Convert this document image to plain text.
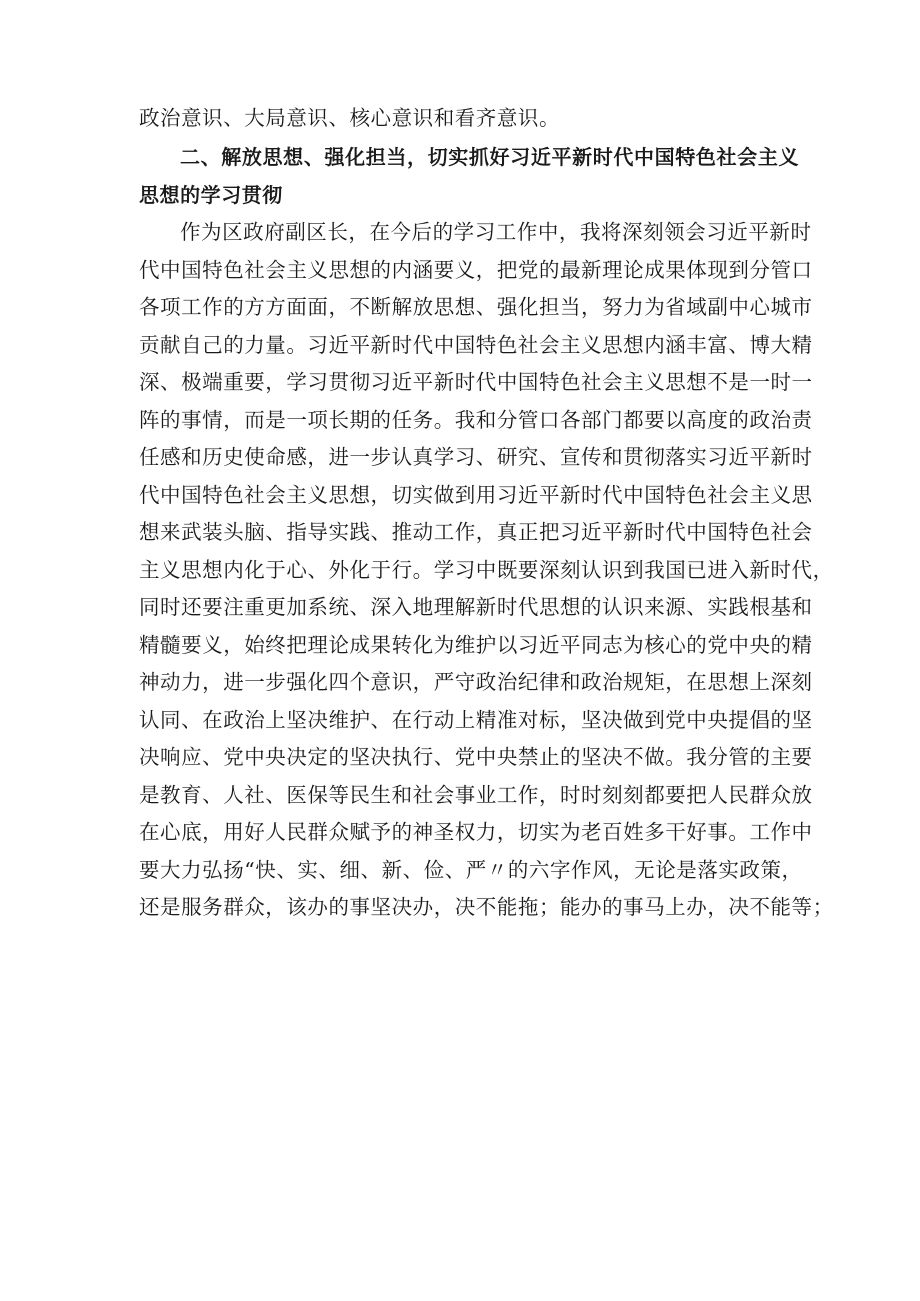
政治意识、大局意识、核心意识和看齐意识。
二、解放思想、强化担当，切实抓好习近平新时代中国特色社会主义
思想的学习贯彻
作为区政府副区长，在今后的学习工作中，我将深刻领会习近平新时
代中国特色社会主义思想的内涵要义，把党的最新理论成果体现到分管口
各项工作的方方面面，不断解放思想、强化担当，努力为省域副中心城市
贡献自己的力量。习近平新时代中国特色社会主义思想内涵丰富、博大精
深、极端重要，学习贯彻习近平新时代中国特色社会主义思想不是一时一
阵的事情，而是一项长期的任务。我和分管口各部门都要以高度的政治责
任感和历史使命感，进一步认真学习、研究、宣传和贯彻落实习近平新时
代中国特色社会主义思想，切实做到用习近平新时代中国特色社会主义思
想来武装头脑、指导实践、推动工作，真正把习近平新时代中国特色社会
主义思想内化于心、外化于行。学习中既要深刻认识到我国已进入新时代，
同时还要注重更加系统、深入地理解新时代思想的认识来源、实践根基和
精髓要义，始终把理论成果转化为维护以习近平同志为核心的党中央的精
神动力，进一步强化四个意识，严守政治纪律和政治规矩，在思想上深刻
认同、在政治上坚决维护、在行动上精准对标，坚决做到党中央提倡的坚
决响应、党中央决定的坚决执行、党中央禁止的坚决不做。我分管的主要
是教育、人社、医保等民生和社会事业工作，时时刻刻都要把人民群众放
在心底，用好人民群众赋予的神圣权力，切实为老百姓多干好事。工作中
要大力弘扬“快、实、细、新、俭、严〃的六字作风，无论是落实政策，
还是服务群众，该办的事坚决办，决不能拖；能办的事马上办，决不能等；
